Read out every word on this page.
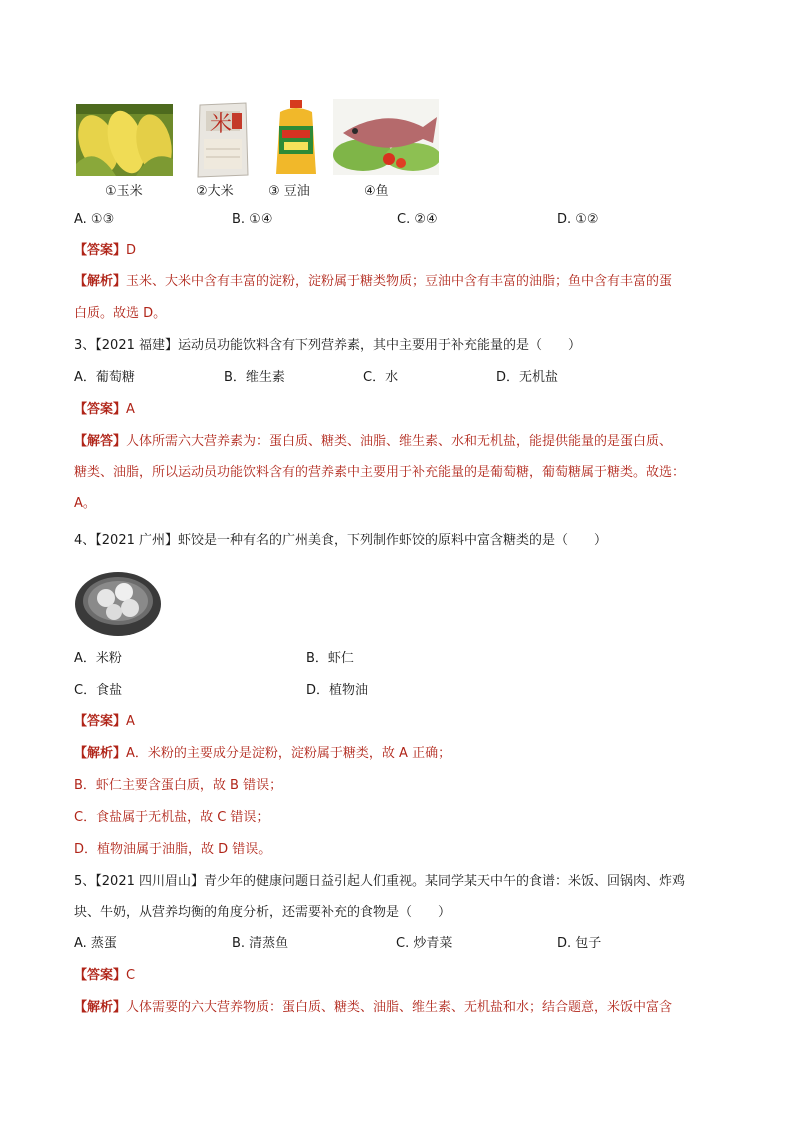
米
①玉米	②大米	③ 豆油	④鱼
A. ①③	B. ①④	C. ②④	D. ①②
【答案】D
【解析】玉米、大米中含有丰富的淀粉，淀粉属于糖类物质；豆油中含有丰富的油脂；鱼中含有丰富的蛋
白质。故选 D。
3、【2021 福建】运动员功能饮料含有下列营养素，其中主要用于补充能量的是（　　）
A．葡萄糖	B．维生素	C．水	D．无机盐
【答案】A
【解答】人体所需六大营养素为：蛋白质、糖类、油脂、维生素、水和无机盐，能提供能量的是蛋白质、
糖类、油脂，所以运动员功能饮料含有的营养素中主要用于补充能量的是葡萄糖，葡萄糖属于糖类。故选：
A。
4、【2021 广州】虾饺是一种有名的广州美食，下列制作虾饺的原料中富含糖类的是（　　）
A．米粉	B．虾仁
C．食盐	D．植物油
【答案】A
【解析】A．米粉的主要成分是淀粉，淀粉属于糖类，故 A 正确；
B．虾仁主要含蛋白质，故 B 错误；
C．食盐属于无机盐，故 C 错误；
D．植物油属于油脂，故 D 错误。
5、【2021 四川眉山】青少年的健康问题日益引起人们重视。某同学某天中午的食谱：米饭、回锅肉、炸鸡
块、牛奶，从营养均衡的角度分析，还需要补充的食物是（　　）
A. 蒸蛋	B. 清蒸鱼	C. 炒青菜	D. 包子
【答案】C
【解析】人体需要的六大营养物质：蛋白质、糖类、油脂、维生素、无机盐和水；结合题意，米饭中富含
